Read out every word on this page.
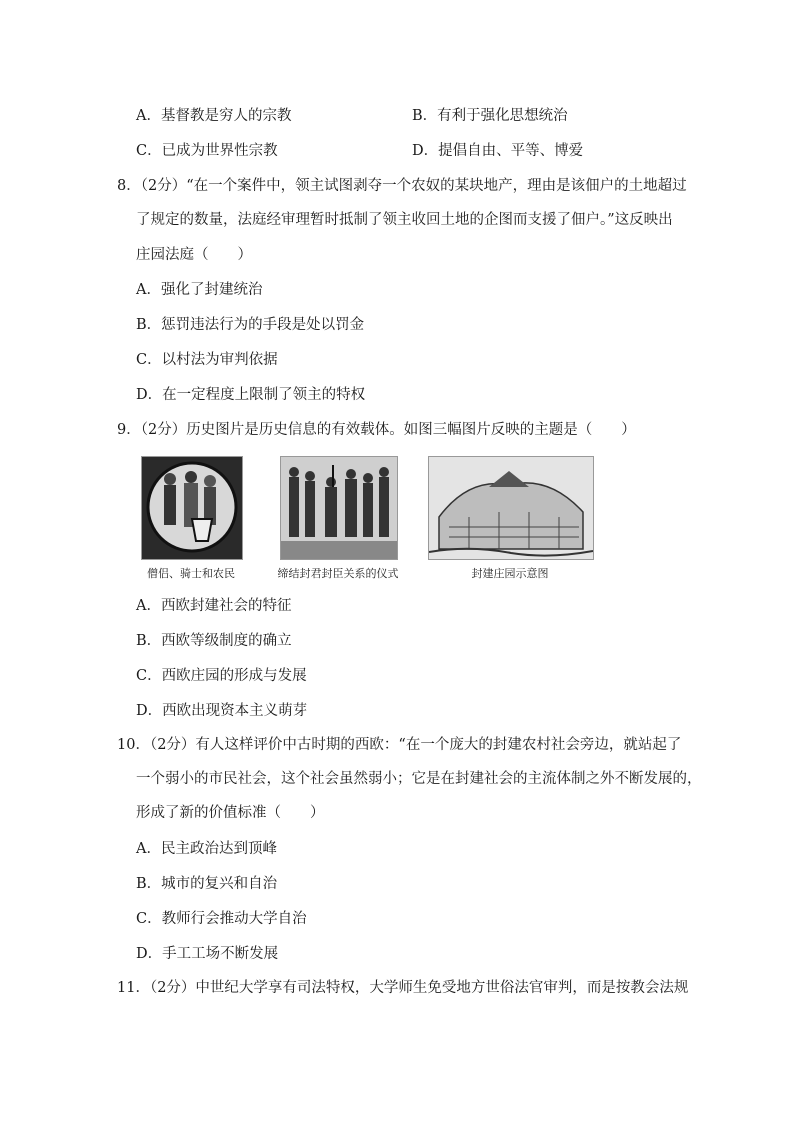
A．基督教是穷人的宗教	B．有利于强化思想统治
C．已成为世界性宗教	D．提倡自由、平等、博爱
8．（2分）“在一个案件中，领主试图剥夺一个农奴的某块地产，理由是该佃户的土地超过
了规定的数量，法庭经审理暂时抵制了领主收回土地的企图而支援了佃户。”这反映出
庄园法庭（　　）
A．强化了封建统治
B．惩罚违法行为的手段是处以罚金
C．以村法为审判依据
D．在一定程度上限制了领主的特权
9．（2分）历史图片是历史信息的有效载体。如图三幅图片反映的主题是（　　）
僧侣、骑士和农民	缔结封君封臣关系的仪式	封建庄园示意图
A．西欧封建社会的特征
B．西欧等级制度的确立
C．西欧庄园的形成与发展
D．西欧出现资本主义萌芽
10．（2分）有人这样评价中古时期的西欧：“在一个庞大的封建农村社会旁边，就站起了
一个弱小的市民社会，这个社会虽然弱小；它是在封建社会的主流体制之外不断发展的，
形成了新的价值标准（　　）
A．民主政治达到顶峰
B．城市的复兴和自治
C．教师行会推动大学自治
D．手工工场不断发展
11．（2分）中世纪大学享有司法特权，大学师生免受地方世俗法官审判，而是按教会法规
